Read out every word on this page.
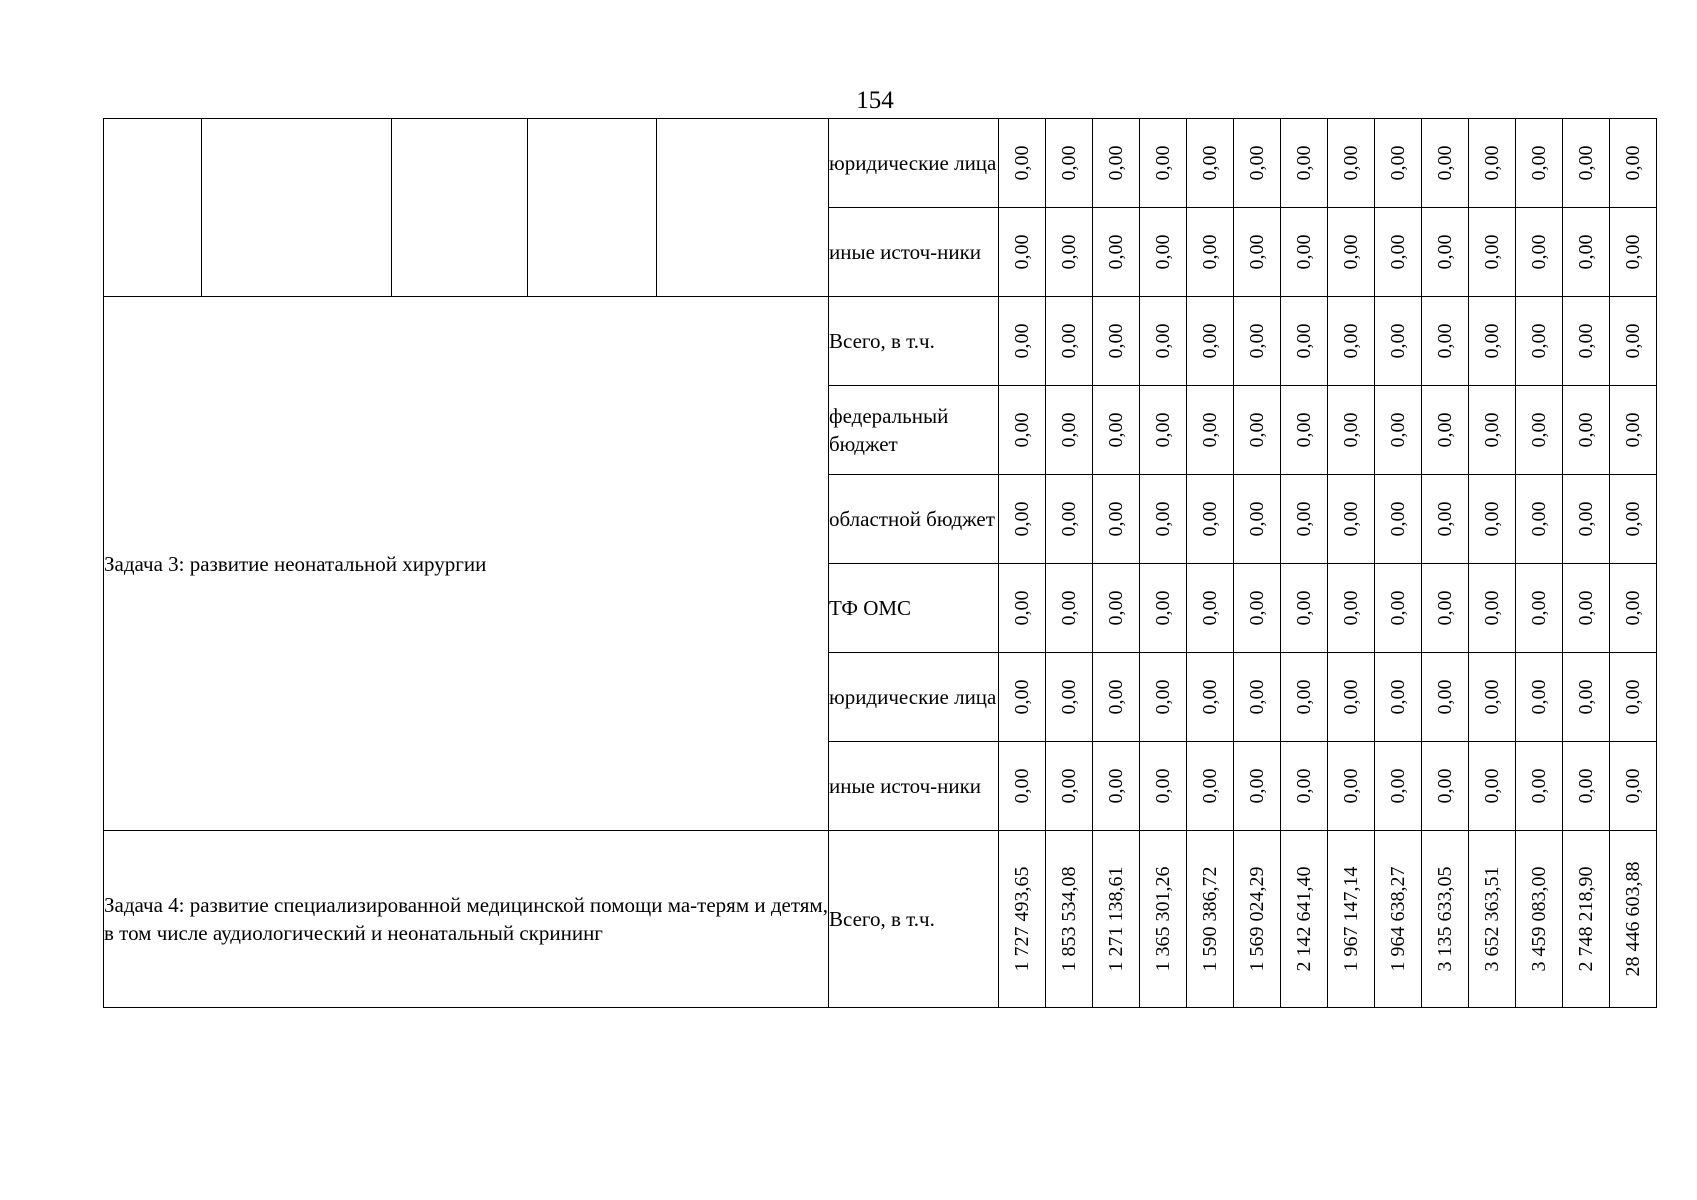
154
					юридические лица	0,00	0,00	0,00	0,00	0,00	0,00	0,00	0,00	0,00	0,00	0,00	0,00	0,00	0,00

					иные источ-ники	0,00	0,00	0,00	0,00	0,00	0,00	0,00	0,00	0,00	0,00	0,00	0,00	0,00	0,00

Задача 3: развитие неонатальной хирургии					Всего, в т.ч.	0,00	0,00	0,00	0,00	0,00	0,00	0,00	0,00	0,00	0,00	0,00	0,00	0,00	0,00

					федеральный бюджет	0,00	0,00	0,00	0,00	0,00	0,00	0,00	0,00	0,00	0,00	0,00	0,00	0,00	0,00

					областной бюджет	0,00	0,00	0,00	0,00	0,00	0,00	0,00	0,00	0,00	0,00	0,00	0,00	0,00	0,00

					ТФ ОМС	0,00	0,00	0,00	0,00	0,00	0,00	0,00	0,00	0,00	0,00	0,00	0,00	0,00	0,00

					юридические лица	0,00	0,00	0,00	0,00	0,00	0,00	0,00	0,00	0,00	0,00	0,00	0,00	0,00	0,00

					иные источ-ники	0,00	0,00	0,00	0,00	0,00	0,00	0,00	0,00	0,00	0,00	0,00	0,00	0,00	0,00

Задача 4: развитие специализированной медицинской помощи ма-терям и детям, в том числе аудиологический и неонатальный скрининг					Всего, в т.ч.	1 727 493,65	1 853 534,08	1 271 138,61	1 365 301,26	1 590 386,72	1 569 024,29	2 142 641,40	1 967 147,14	1 964 638,27	3 135 633,05	3 652 363,51	3 459 083,00	2 748 218,90	28 446 603,88
